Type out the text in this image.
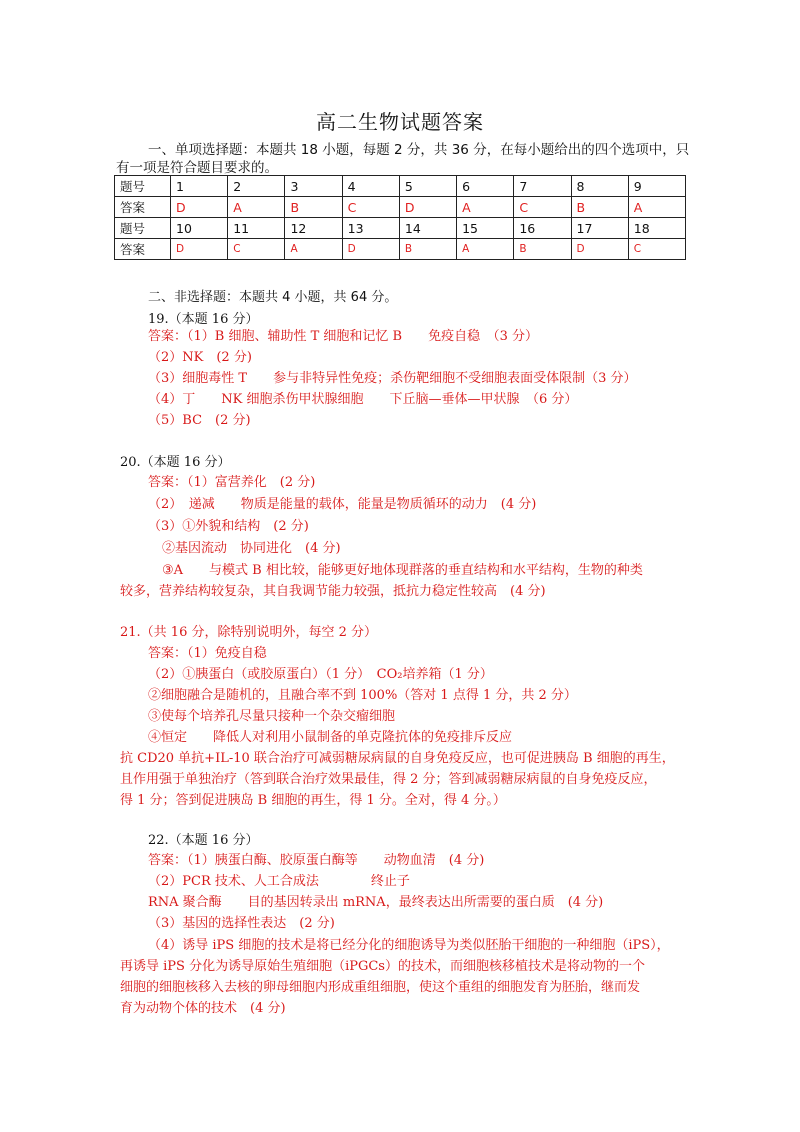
高二生物试题答案
一、单项选择题：本题共 18 小题，每题 2 分，共 36 分，在每小题给出的四个选项中，只有一项是符合题目要求的。
题号	1	2	3	4	5	6	7	8	9
答案	D	A	B	C	D	A	C	B	A
题号	10	11	12	13	14	15	16	17	18
答案	D	C	A	D	B	A	B	D	C
二、非选择题：本题共 4 小题，共 64 分。
19.（本题 16 分）
答案：（1）B 细胞、辅助性 T 细胞和记忆 B　　免疫自稳　（3 分）
（2）NK　(2 分)
（3）细胞毒性 T　　参与非特异性免疫；杀伤靶细胞不受细胞表面受体限制（3 分）
（4）丁　　NK 细胞杀伤甲状腺细胞　　下丘脑—垂体—甲状腺　（6 分）
（5）BC　(2 分)
20.（本题 16 分）
答案：（1）富营养化　(2 分)
（2）　递减　　物质是能量的载体，能量是物质循环的动力　(4 分)
（3）①外貌和结构　(2 分)
②基因流动　协同进化　(4 分)
③A　　与模式 B 相比较，能够更好地体现群落的垂直结构和水平结构，生物的种类
较多，营养结构较复杂，其自我调节能力较强，抵抗力稳定性较高　(4 分)
21.（共 16 分，除特别说明外，每空 2 分）
答案：（1）免疫自稳
（2）①胰蛋白（或胶原蛋白）（1 分）　CO₂培养箱（1 分）
②细胞融合是随机的，且融合率不到 100%（答对 1 点得 1 分，共 2 分）
③使每个培养孔尽量只接种一个杂交瘤细胞
④恒定　　降低人对利用小鼠制备的单克隆抗体的免疫排斥反应
抗 CD20 单抗+IL-10 联合治疗可减弱糖尿病鼠的自身免疫反应，也可促进胰岛 B 细胞的再生，
且作用强于单独治疗（答到联合治疗效果最佳，得 2 分；答到减弱糖尿病鼠的自身免疫反应，
得 1 分；答到促进胰岛 B 细胞的再生，得 1 分。全对，得 4 分。）
22.（本题 16 分）
答案：（1）胰蛋白酶、胶原蛋白酶等　　动物血清　(4 分)
（2）PCR 技术、人工合成法　　　　终止子
RNA 聚合酶　　目的基因转录出 mRNA，最终表达出所需要的蛋白质　(4 分)
（3）基因的选择性表达　(2 分)
（4）诱导 iPS 细胞的技术是将已经分化的细胞诱导为类似胚胎干细胞的一种细胞（iPS），
再诱导 iPS 分化为诱导原始生殖细胞（iPGCs）的技术，而细胞核移植技术是将动物的一个
细胞的细胞核移入去核的卵母细胞内形成重组细胞，使这个重组的细胞发育为胚胎，继而发
育为动物个体的技术　(4 分)
